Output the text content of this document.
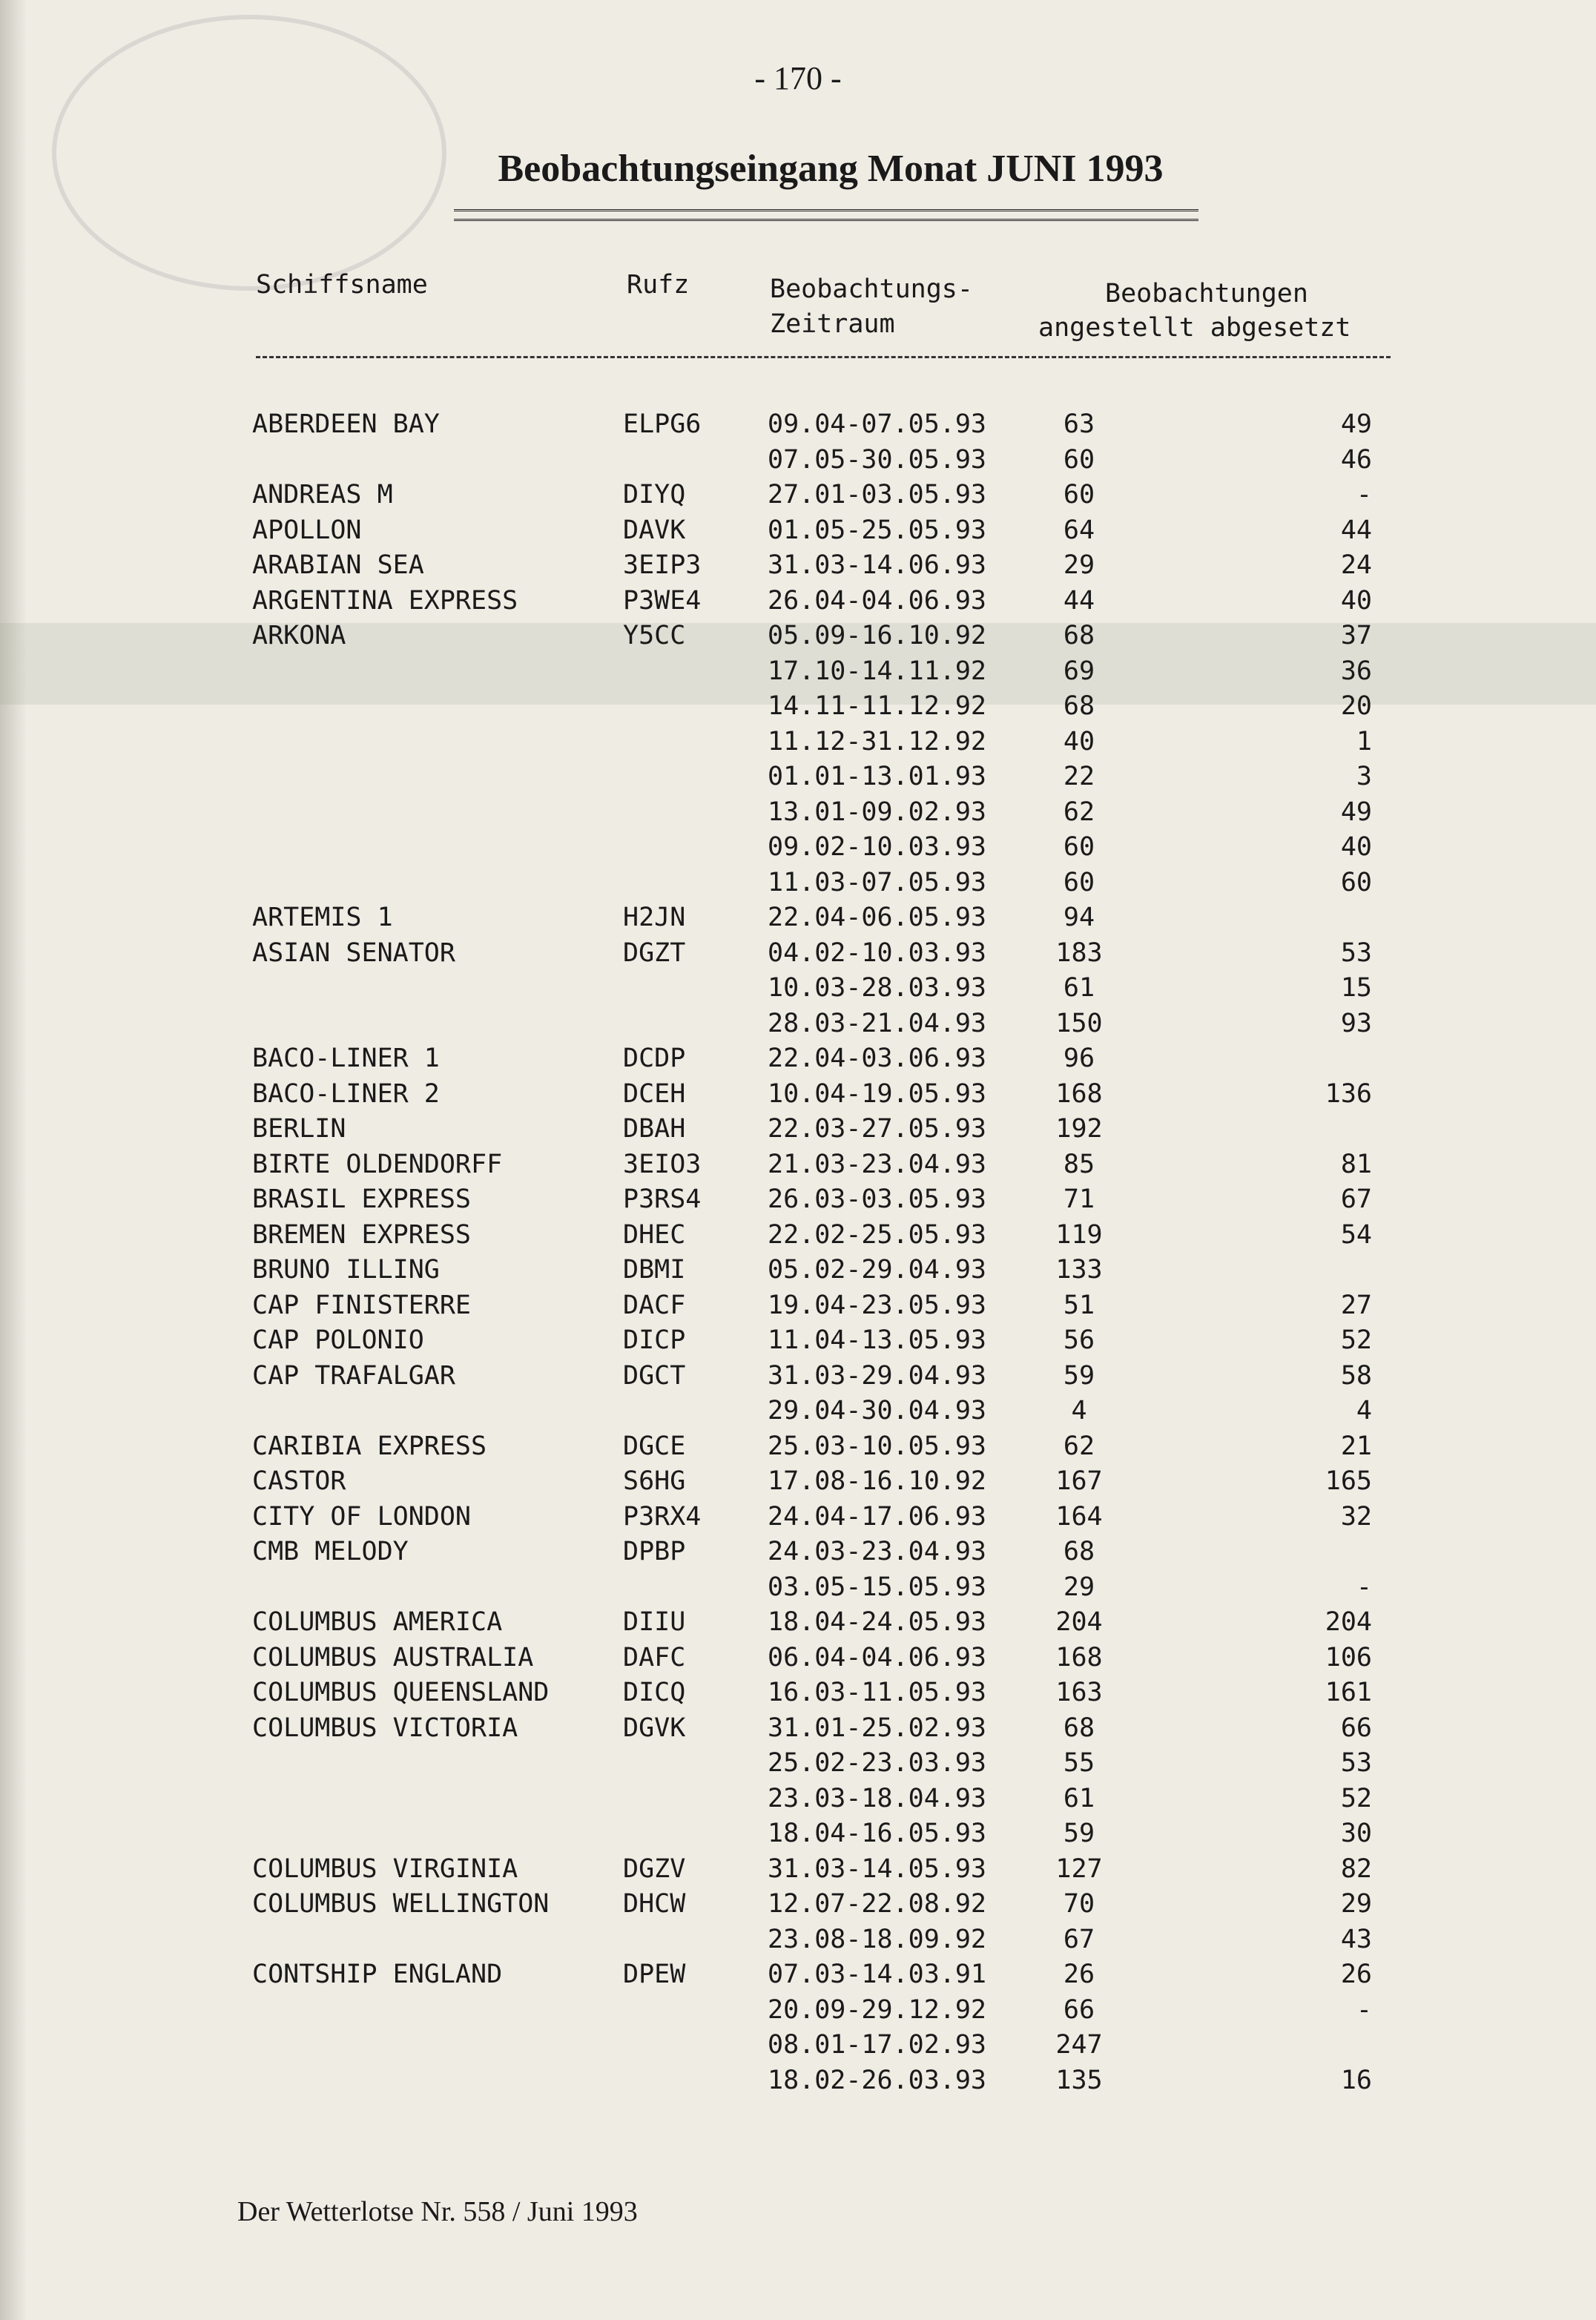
- 170 -
Beobachtungseingang Monat JUNI 1993
Schiffsname	Rufz	Beobachtungs-
Zeitraum
Beobachtungen
angestellt abgesetzt
ABERDEEN BAY	ELPG6	09.04-07.05.93	63	49
07.05-30.05.93	60	46
ANDREAS M	DIYQ	27.01-03.05.93	60	-
APOLLON	DAVK	01.05-25.05.93	64	44
ARABIAN SEA	3EIP3	31.03-14.06.93	29	24
ARGENTINA EXPRESS	P3WE4	26.04-04.06.93	44	40
ARKONA	Y5CC	05.09-16.10.92	68	37
17.10-14.11.92	69	36
14.11-11.12.92	68	20
11.12-31.12.92	40	1
01.01-13.01.93	22	3
13.01-09.02.93	62	49
09.02-10.03.93	60	40
11.03-07.05.93	60	60
ARTEMIS 1	H2JN	22.04-06.05.93	94
ASIAN SENATOR	DGZT	04.02-10.03.93	183	53
10.03-28.03.93	61	15
28.03-21.04.93	150	93
BACO-LINER 1	DCDP	22.04-03.06.93	96
BACO-LINER 2	DCEH	10.04-19.05.93	168	136
BERLIN	DBAH	22.03-27.05.93	192
BIRTE OLDENDORFF	3EIO3	21.03-23.04.93	85	81
BRASIL EXPRESS	P3RS4	26.03-03.05.93	71	67
BREMEN EXPRESS	DHEC	22.02-25.05.93	119	54
BRUNO ILLING	DBMI	05.02-29.04.93	133
CAP FINISTERRE	DACF	19.04-23.05.93	51	27
CAP POLONIO	DICP	11.04-13.05.93	56	52
CAP TRAFALGAR	DGCT	31.03-29.04.93	59	58
29.04-30.04.93	4	4
CARIBIA EXPRESS	DGCE	25.03-10.05.93	62	21
CASTOR	S6HG	17.08-16.10.92	167	165
CITY OF LONDON	P3RX4	24.04-17.06.93	164	32
CMB MELODY	DPBP	24.03-23.04.93	68
03.05-15.05.93	29	-
COLUMBUS AMERICA	DIIU	18.04-24.05.93	204	204
COLUMBUS AUSTRALIA	DAFC	06.04-04.06.93	168	106
COLUMBUS QUEENSLAND	DICQ	16.03-11.05.93	163	161
COLUMBUS VICTORIA	DGVK	31.01-25.02.93	68	66
25.02-23.03.93	55	53
23.03-18.04.93	61	52
18.04-16.05.93	59	30
COLUMBUS VIRGINIA	DGZV	31.03-14.05.93	127	82
COLUMBUS WELLINGTON	DHCW	12.07-22.08.92	70	29
23.08-18.09.92	67	43
CONTSHIP ENGLAND	DPEW	07.03-14.03.91	26	26
20.09-29.12.92	66	-
08.01-17.02.93	247
18.02-26.03.93	135	16
Der Wetterlotse Nr. 558 / Juni 1993
